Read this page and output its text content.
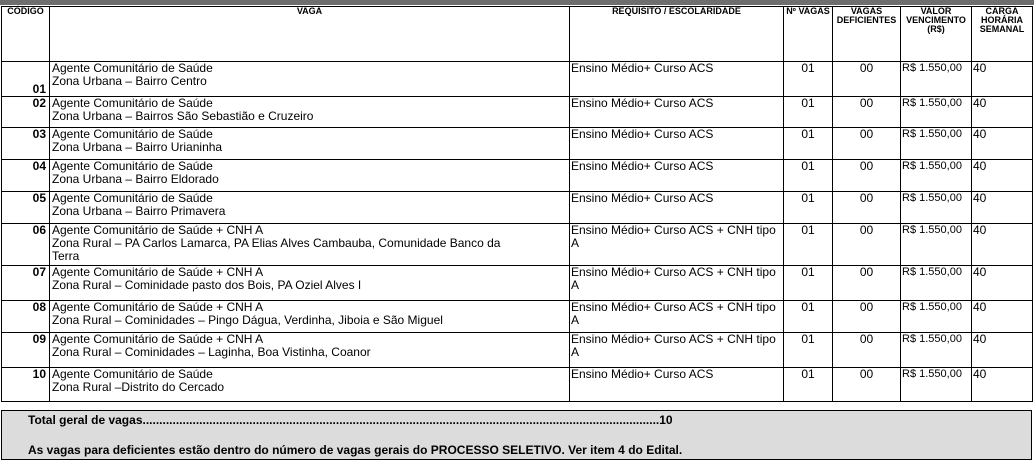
CÓDIGO	VAGA	REQUISITO / ESCOLARIDADE	Nº VAGAS	VAGAS DEFICIENTES	VALOR VENCIMENTO (R$)	CARGA HORÁRIA SEMANAL
01	Agente Comunitário de Saúde
Zona Urbana – Bairro Centro	Ensino Médio+ Curso ACS	01	00	R$ 1.550,00	40
02	Agente Comunitário de Saúde
Zona Urbana – Bairros São Sebastião e Cruzeiro	Ensino Médio+ Curso ACS	01	00	R$ 1.550,00	40
03	Agente Comunitário de Saúde
Zona Urbana – Bairro Urianinha	Ensino Médio+ Curso ACS	01	00	R$ 1.550,00	40
04	Agente Comunitário de Saúde
Zona Urbana – Bairro Eldorado	Ensino Médio+ Curso ACS	01	00	R$ 1.550,00	40
05	Agente Comunitário de Saúde
Zona Urbana – Bairro Primavera	Ensino Médio+ Curso ACS	01	00	R$ 1.550,00	40
06	Agente Comunitário de Saúde + CNH A
Zona Rural – PA Carlos Lamarca, PA Elias Alves Cambauba, Comunidade Banco da
Terra	Ensino Médio+ Curso ACS + CNH tipo A	01	00	R$ 1.550,00	40
07	Agente Comunitário de Saúde + CNH A
Zona Rural – Cominidade pasto dos Bois, PA Oziel Alves I	Ensino Médio+ Curso ACS + CNH tipo A	01	00	R$ 1.550,00	40
08	Agente Comunitário de Saúde + CNH A
Zona Rural – Cominidades – Pingo Dágua, Verdinha, Jiboia e São Miguel	Ensino Médio+ Curso ACS + CNH tipo A	01	00	R$ 1.550,00	40
09	Agente Comunitário de Saúde + CNH A
Zona Rural – Cominidades – Laginha, Boa Vistinha, Coanor	Ensino Médio+ Curso ACS + CNH tipo A	01	00	R$ 1.550,00	40
10	Agente Comunitário de Saúde
Zona Rural –Distrito do Cercado	Ensino Médio+ Curso ACS	01	00	R$ 1.550,00	40
Total geral de vagas...........................................................................................................................................................10
As vagas para deficientes estão dentro do número de vagas gerais do PROCESSO SELETIVO. Ver item 4 do Edital.
